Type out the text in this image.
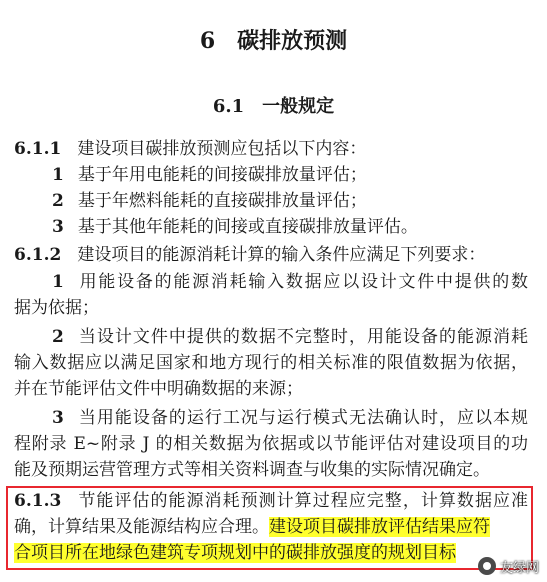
6 碳排放预测
6.1 一般规定
6.1.1 建设项目碳排放预测应包括以下内容：
1 基于年用电能耗的间接碳排放量评估；
2 基于年燃料能耗的直接碳排放量评估；
3 基于其他年能耗的间接或直接碳排放量评估。
6.1.2 建设项目的能源消耗计算的输入条件应满足下列要求：
1 用能设备的能源消耗输入数据应以设计文件中提供的数
据为依据；
2 当设计文件中提供的数据不完整时，用能设备的能源消耗
输入数据应以满足国家和地方现行的相关标准的限值数据为依据，
并在节能评估文件中明确数据的来源；
3 当用能设备的运行工况与运行模式无法确认时，应以本规
程附录 E~附录 J 的相关数据为依据或以节能评估对建设项目的功
能及预期运营管理方式等相关资料调查与收集的实际情况确定。
6.1.3 节能评估的能源消耗预测计算过程应完整，计算数据应准
确，计算结果及能源结构应合理。建设项目碳排放评估结果应符
合项目所在地绿色建筑专项规划中的碳排放强度的规划目标
友绿网
